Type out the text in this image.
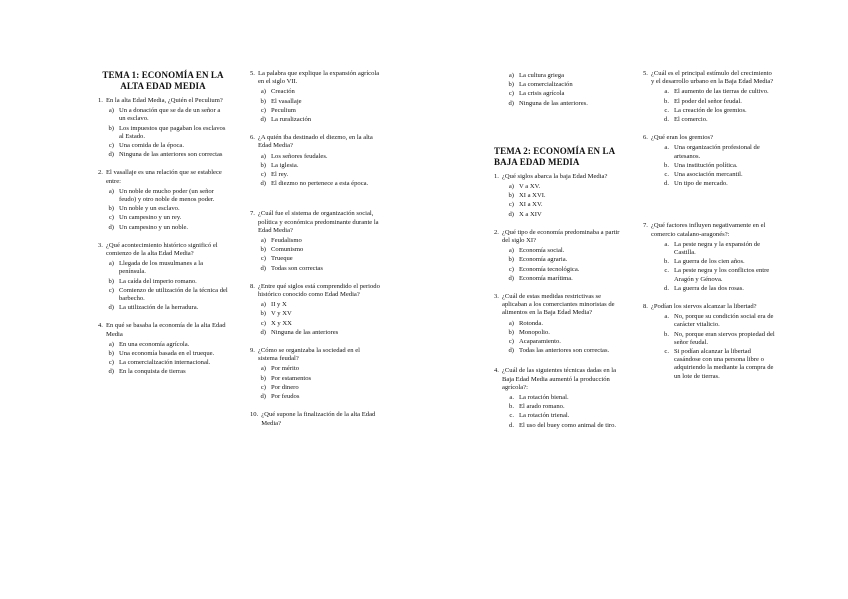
TEMA 1: ECONOMÍA EN LA ALTA EDAD MEDIA
1. En la alta Edad Media, ¿Quién el Peculium?
a) Un a donación que se da de un señor a un esclavo.
b) Los impuestos que pagaban los esclavos al Estado.
c) Una comida de la época.
d) Ninguna de las anteriores son correctas
2. El vasallaje es una relación que se establece entre:
a) Un noble de mucho poder (un señor feudo) y otro noble de menos poder.
b) Un noble y un esclavo.
c) Un campesino y un rey.
d) Un campesino y un noble.
3. ¿Qué acontecimiento histórico significó el comienzo de la alta Edad Media?
a) Llegada de los musulmanes a la península.
b) La caída del imperio romano.
c) Comienzo de utilización de la técnica del barbecho.
d) La utilización de la herradura.
4. En qué se basaba la economía de la alta Edad Media
a) En una economía agrícola.
b) Una economía basada en el trueque.
c) La comercialización internacional.
d) En la conquista de tierras
5. La palabra que explique la expansión agrícola en el siglo VII.
a) Creación
b) El vasallaje
c) Peculium
d) La ruralización
6. ¿A quién iba destinado el diezmo, en la alta Edad Media?
a) Los señores feudales.
b) La iglesia.
c) El rey.
d) El diezmo no pertenece a esta época.
7. ¿Cuál fue el sistema de organización social, política y económica predominante durante la Edad Media?
a) Feudalismo
b) Comunismo
c) Trueque
d) Todas son correctas
8. ¿Entre qué siglos está comprendido el periodo histórico conocido como Edad Media?
a) II y X
b) V y XV
c) X y XX
d) Ninguna de las anteriores
9. ¿Cómo se organizaba la sociedad en el sistema feudal?
a) Por mérito
b) Por estamentos
c) Por dinero
d) Por feudos
10. ¿Qué supone la finalización de la alta Edad Media?
a) La cultura griega
b) La comercialización
c) La crisis agrícola
d) Ninguna de las anteriores.
TEMA 2: ECONOMÍA EN LA BAJA EDAD MEDIA
1. ¿Qué siglos abarca la baja Edad Media?
a) V a XV.
b) XI a XVI.
c) XI a XV.
d) X a XIV
2. ¿Qué tipo de economía predominaba a partir del siglo XI?
a) Economía social.
b) Economía agraria.
c) Economía tecnológica.
d) Economía marítima.
3. ¿Cuál de estas medidas restrictivas se aplicaban a los comerciantes minoristas de alimentos en la Baja Edad Media?
a) Rotonda.
b) Monopolio.
c) Acaparamiento.
d) Todas las anteriores son correctas.
4. ¿Cuál de las siguientes técnicas dadas en la Baja Edad Media aumentó la producción agrícola?:
a. La rotación bienal.
b. El arado romano.
c. La rotación trienal.
d. El uso del buey como animal de tiro.
5. ¿Cuál es el principal estímulo del crecimiento y el desarrollo urbano en la Baja Edad Media?
a. El aumento de las tierras de cultivo.
b. El poder del señor feudal.
c. La creación de los gremios.
d. El comercio.
6. ¿Qué eran los gremios?
a. Una organización profesional de artesanos.
b. Una institución política.
c. Una asociación mercantil.
d. Un tipo de mercado.
7. ¿Qué factores influyen negativamente en el comercio catalano-aragonés?:
a. La peste negra y la expansión de Castilla.
b. La guerra de los cien años.
c. La peste negra y los conflictos entre Aragón y Génova.
d. La guerra de las dos rosas.
8. ¿Podían los siervos alcanzar la libertad?
a. No, porque su condición social era de carácter vitalicio.
b. No, porque eran siervos propiedad del señor feudal.
c. Si podían alcanzar la libertad casándose con una persona libre o adquiriendo la mediante la compra de un lote de tierras.
